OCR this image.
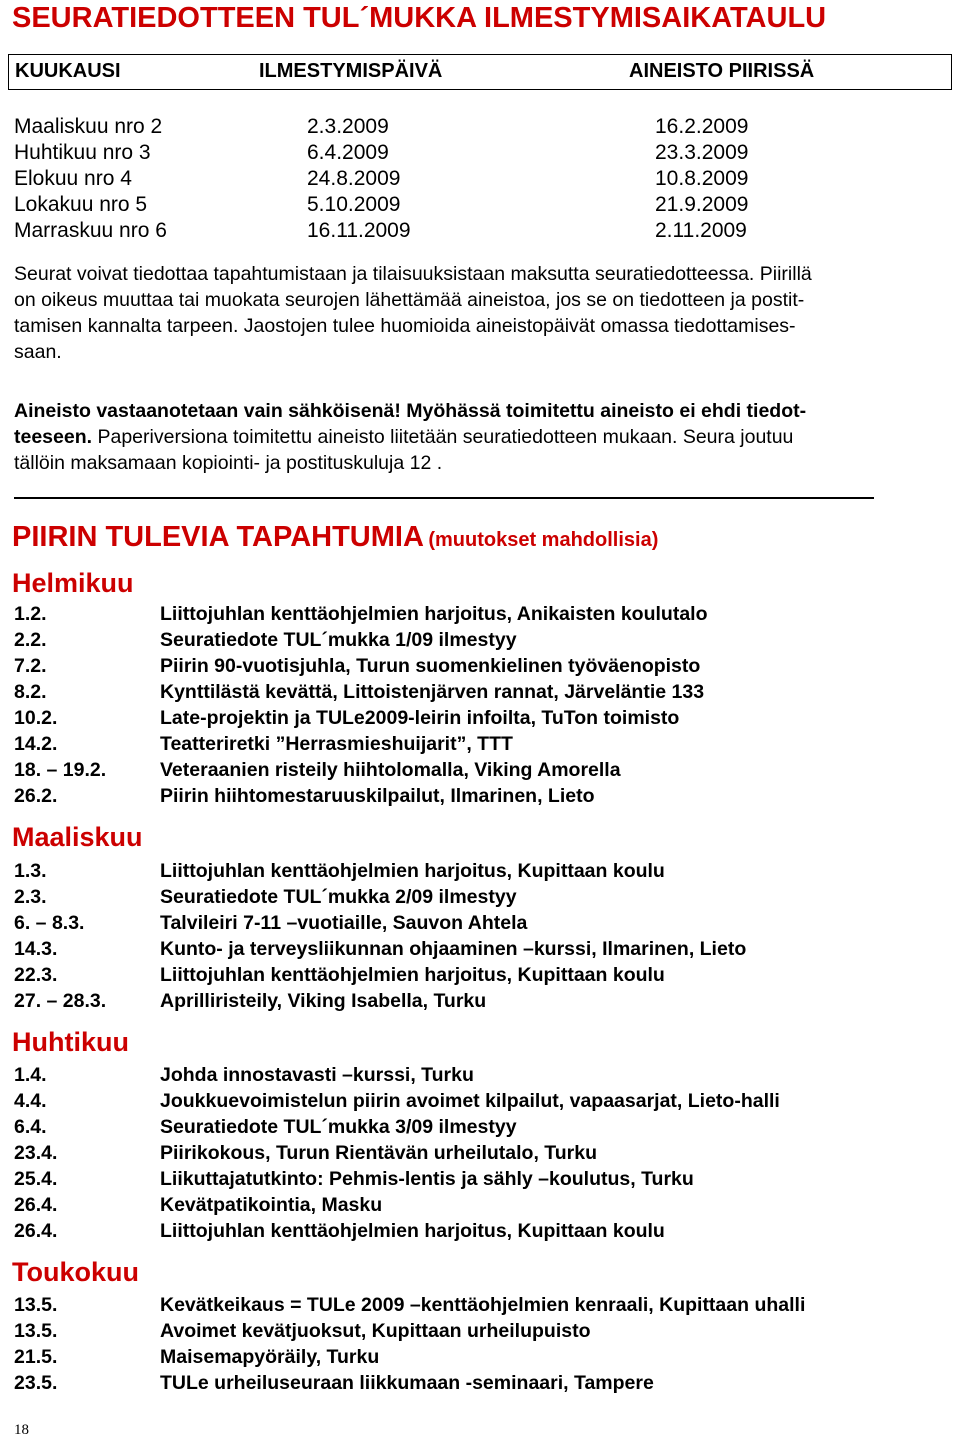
SEURATIEDOTTEEN TUL´MUKKA ILMESTYMISAIKATAULU
KUUKAUSI	ILMESTYMISPÄIVÄ	AINEISTO PIIRISSÄ
Maaliskuu nro 2	2.3.2009	16.2.2009
Huhtikuu nro 3	6.4.2009	23.3.2009
Elokuu nro 4	24.8.2009	10.8.2009
Lokakuu nro 5	5.10.2009	21.9.2009
Marraskuu nro 6	16.11.2009	2.11.2009
Seurat voivat tiedottaa tapahtumistaan ja tilaisuuksistaan maksutta seuratiedotteessa. Piirillä
on oikeus muuttaa tai muokata seurojen lähettämää aineistoa, jos se on tiedotteen ja postit-
tamisen kannalta tarpeen. Jaostojen tulee huomioida aineistopäivät omassa tiedottamises-
saan.
Aineisto vastaanotetaan vain sähköisenä! Myöhässä toimitettu aineisto ei ehdi tiedot-
teeseen. Paperiversiona toimitettu aineisto liitetään seuratiedotteen mukaan. Seura joutuu
tällöin maksamaan kopiointi- ja postituskuluja 12 .
PIIRIN TULEVIA TAPAHTUMIA (muutokset mahdollisia)
Helmikuu
1.2.	Liittojuhlan kenttäohjelmien harjoitus, Anikaisten koulutalo
2.2.	Seuratiedote TUL´mukka 1/09 ilmestyy
7.2.	Piirin 90-vuotisjuhla, Turun suomenkielinen työväenopisto
8.2.	Kynttilästä kevättä, Littoistenjärven rannat, Järveläntie 133
10.2.	Late-projektin ja TULe2009-leirin infoilta, TuTon toimisto
14.2.	Teatteriretki ”Herrasmieshuijarit”, TTT
18. – 19.2.	Veteraanien risteily hiihtolomalla, Viking Amorella
26.2.	Piirin hiihtomestaruuskilpailut, Ilmarinen, Lieto
Maaliskuu
1.3.	Liittojuhlan kenttäohjelmien harjoitus, Kupittaan koulu
2.3.	Seuratiedote TUL´mukka 2/09 ilmestyy
6. – 8.3.	Talvileiri 7-11 –vuotiaille, Sauvon Ahtela
14.3.	Kunto- ja terveysliikunnan ohjaaminen –kurssi, Ilmarinen, Lieto
22.3.	Liittojuhlan kenttäohjelmien harjoitus, Kupittaan koulu
27. – 28.3.	Aprilliristeily, Viking Isabella, Turku
Huhtikuu
1.4.	Johda innostavasti –kurssi, Turku
4.4.	Joukkuevoimistelun piirin avoimet kilpailut, vapaasarjat, Lieto-halli
6.4.	Seuratiedote TUL´mukka 3/09 ilmestyy
23.4.	Piirikokous, Turun Rientävän urheilutalo, Turku
25.4.	Liikuttajatutkinto: Pehmis-lentis ja sähly –koulutus, Turku
26.4.	Kevätpatikointia, Masku
26.4.	Liittojuhlan kenttäohjelmien harjoitus, Kupittaan koulu
Toukokuu
13.5.	Kevätkeikaus = TULe 2009 –kenttäohjelmien kenraali, Kupittaan uhalli
13.5.	Avoimet kevätjuoksut, Kupittaan urheilupuisto
21.5.	Maisemapyöräily, Turku
23.5.	TULe urheiluseuraan liikkumaan -seminaari, Tampere
18
